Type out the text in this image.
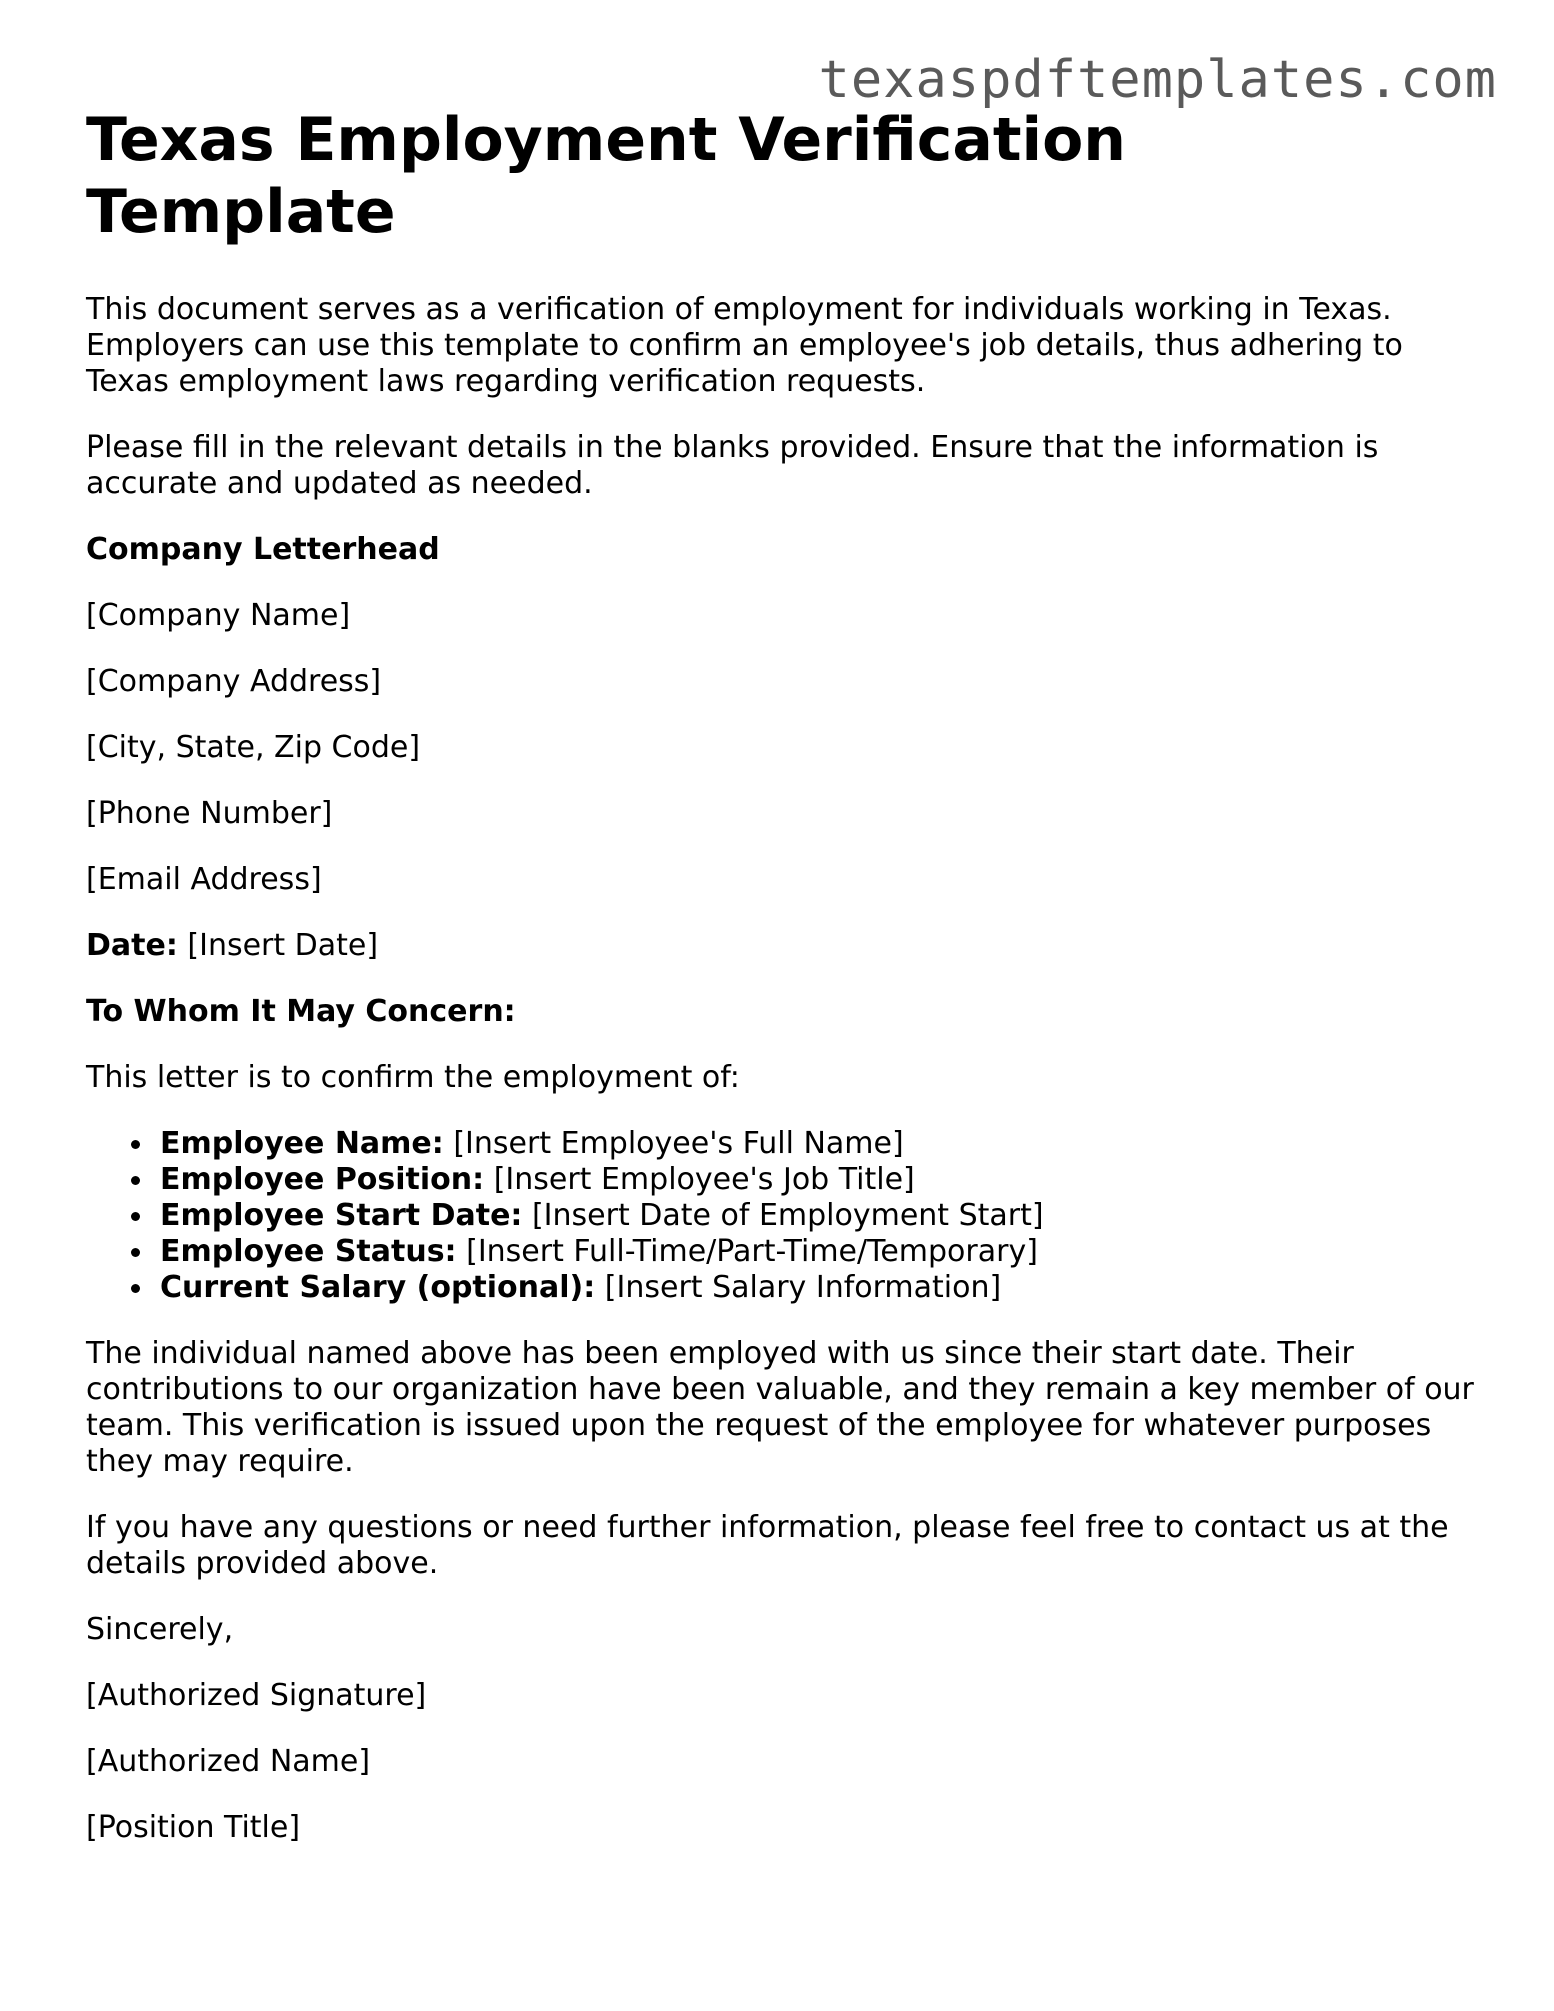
texaspdftemplates.com
Texas Employment Verification Template

This document serves as a verification of employment for individuals working in Texas. Employers can use this template to confirm an employee's job details, thus adhering to Texas employment laws regarding verification requests.

Please fill in the relevant details in the blanks provided. Ensure that the information is accurate and updated as needed.

Company Letterhead

[Company Name]

[Company Address]

[City, State, Zip Code]

[Phone Number]

[Email Address]

Date: [Insert Date]

To Whom It May Concern:

This letter is to confirm the employment of:

Employee Name: [Insert Employee's Full Name]
Employee Position: [Insert Employee's Job Title]
Employee Start Date: [Insert Date of Employment Start]
Employee Status: [Insert Full-Time/Part-Time/Temporary]
Current Salary (optional): [Insert Salary Information]

The individual named above has been employed with us since their start date. Their contributions to our organization have been valuable, and they remain a key member of our team. This verification is issued upon the request of the employee for whatever purposes they may require.

If you have any questions or need further information, please feel free to contact us at the details provided above.

Sincerely,

[Authorized Signature]

[Authorized Name]

[Position Title]
